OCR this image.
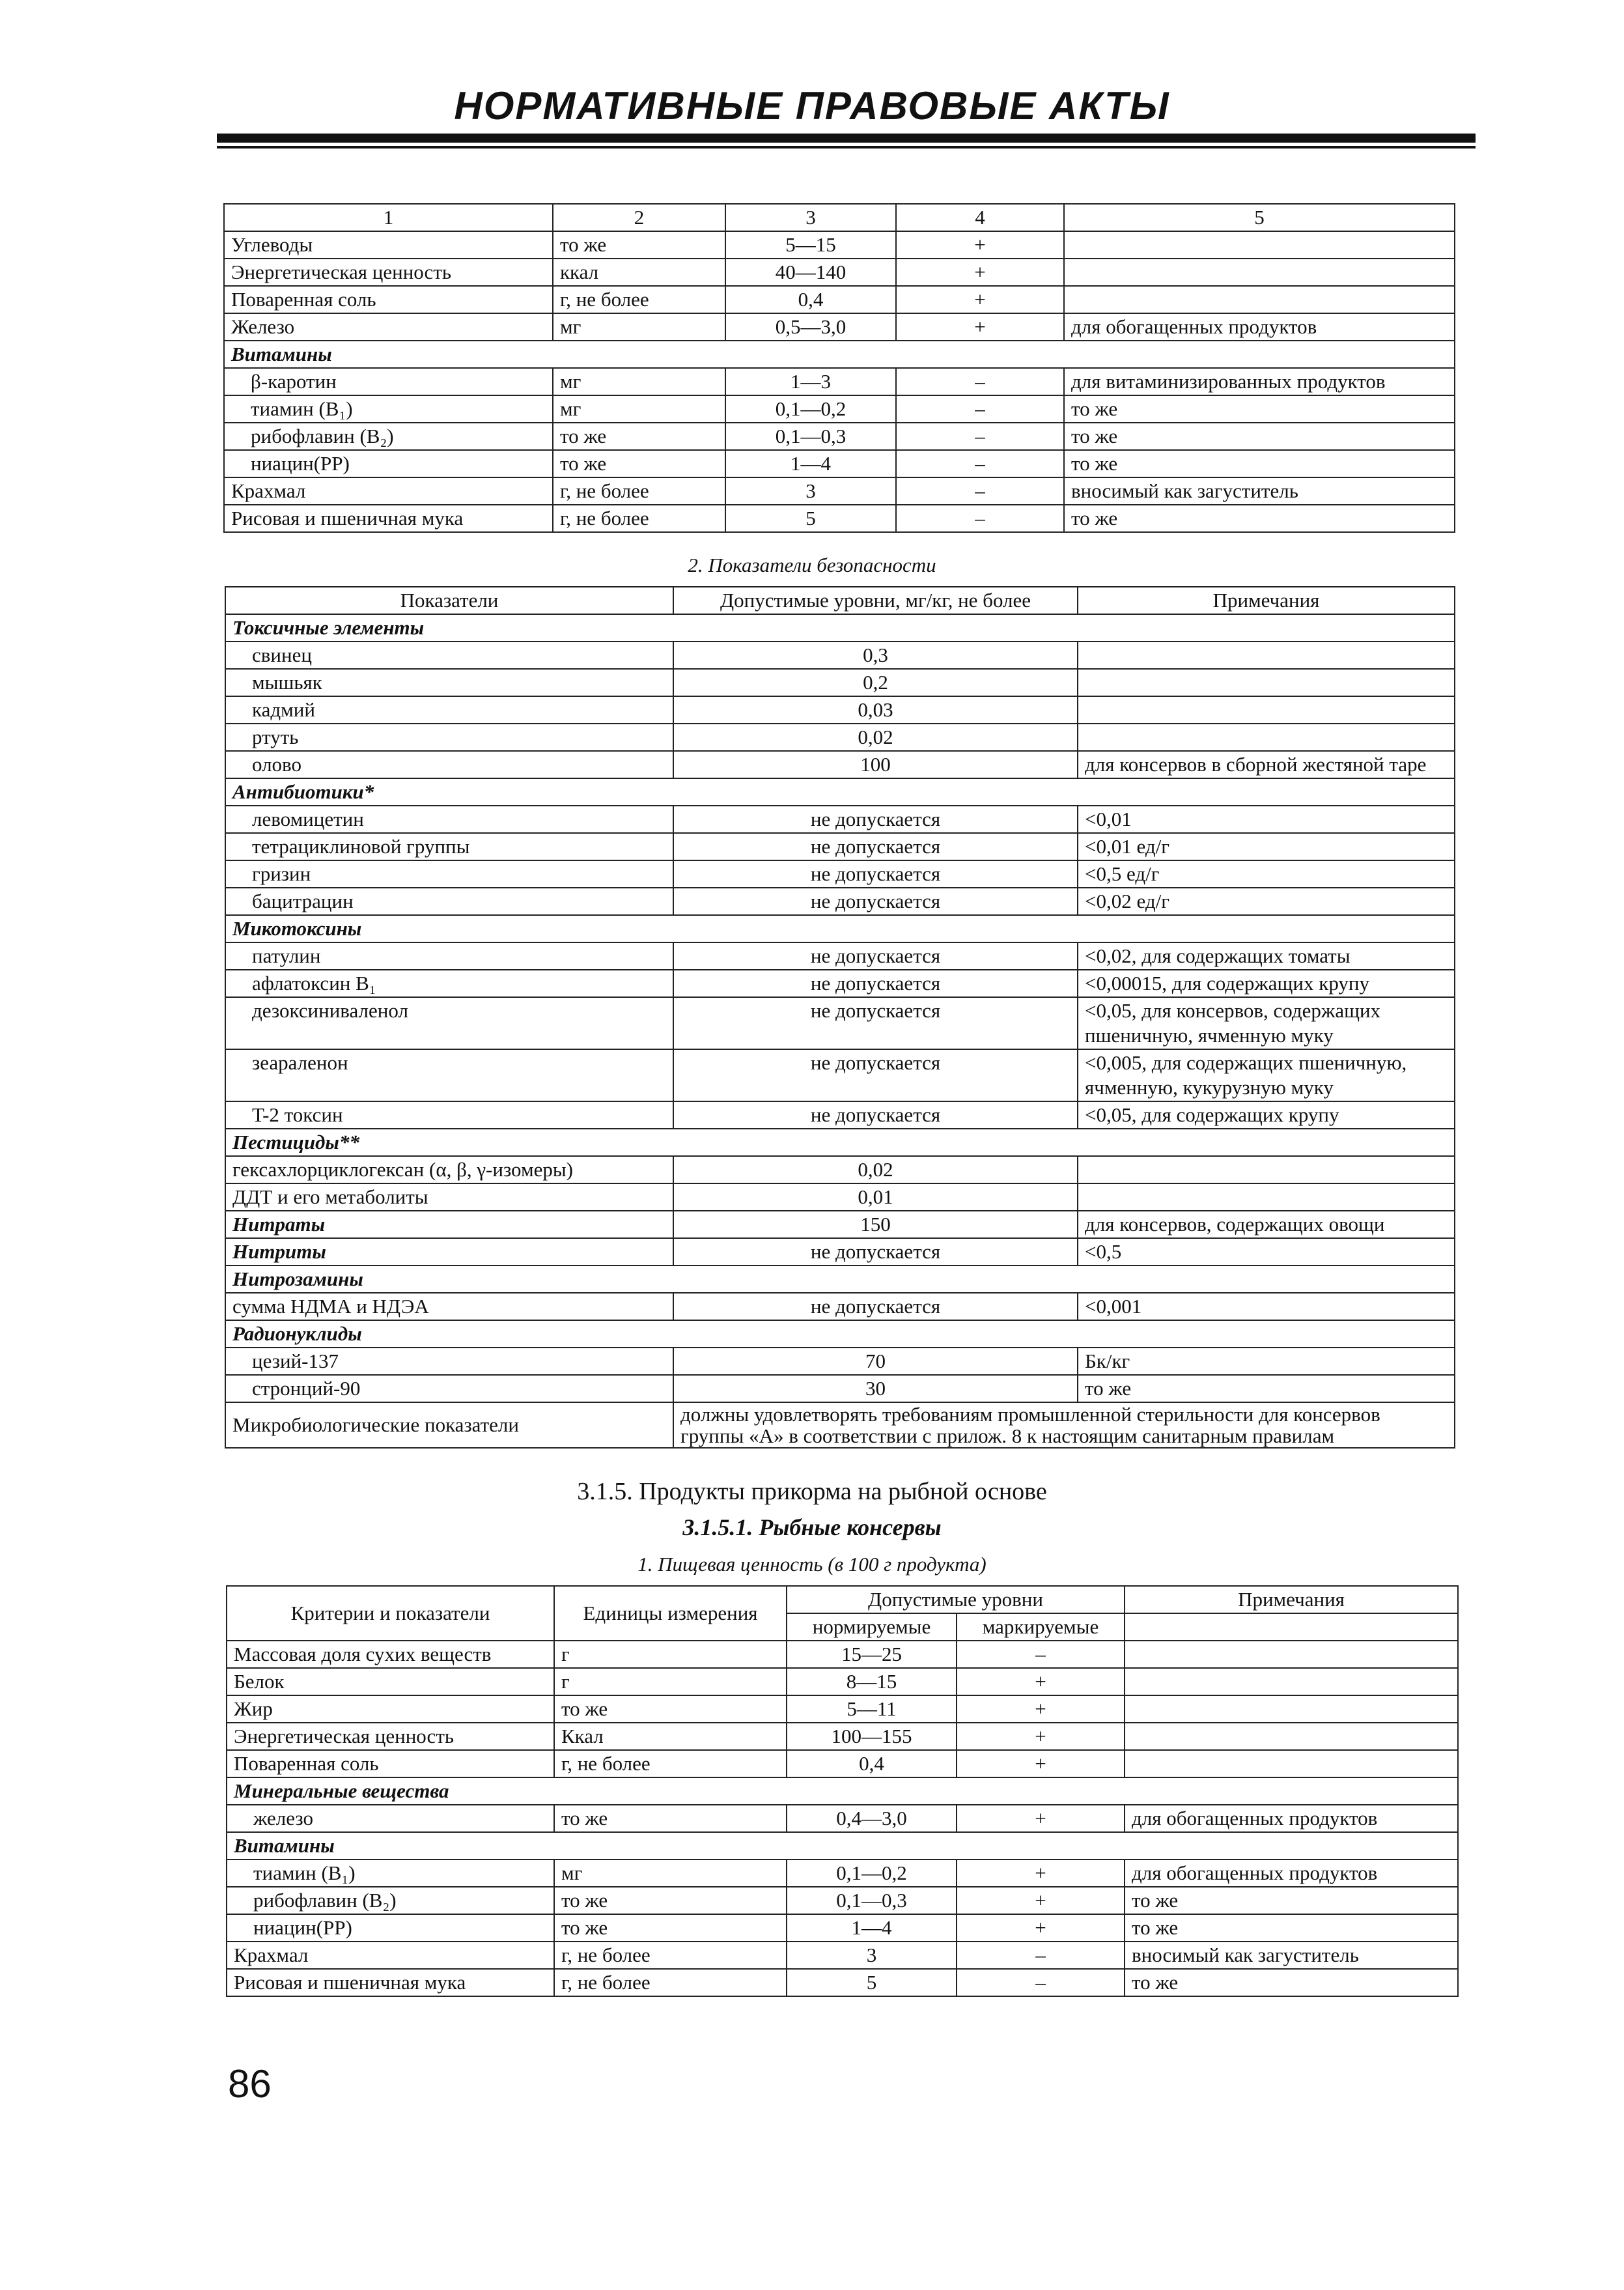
НОРМАТИВНЫЕ ПРАВОВЫЕ АКТЫ
1	2	3	4	5
Углеводы	то же	5—15	+	
Энергетическая ценность	ккал	40—140	+	
Поваренная соль	г, не более	0,4	+	
Железо	мг	0,5—3,0	+	для обогащенных продуктов
Витамины				
β-каротин	мг	1—3	–	для витаминизированных продуктов
тиамин (B₁)	мг	0,1—0,2	–	то же
рибофлавин (B₂)	то же	0,1—0,3	–	то же
ниацин(PP)	то же	1—4	–	то же
Крахмал	г, не более	3	–	вносимый как загуститель
Рисовая и пшеничная мука	г, не более	5	–	то же
2. Показатели безопасности
Показатели	Допустимые уровни, мг/кг, не более	Примечания
Токсичные элементы		
свинец	0,3	
мышьяк	0,2	
кадмий	0,03	
ртуть	0,02	
олово	100	для консервов в сборной жестяной таре
Антибиотики*		
левомицетин	не допускается	<0,01
тетрациклиновой группы	не допускается	<0,01 ед/г
гризин	не допускается	<0,5 ед/г
бацитрацин	не допускается	<0,02 ед/г
Микотоксины		
патулин	не допускается	<0,02, для содержащих томаты
афлатоксин B₁	не допускается	<0,00015, для содержащих крупу
дезоксиниваленол	не допускается	<0,05, для консервов, содержащих пшеничную, ячменную муку
зеараленон	не допускается	<0,005, для содержащих пшеничную, ячменную, кукурузную муку
T-2 токсин	не допускается	<0,05, для содержащих крупу
Пестициды**		
гексахлорциклогексан (α, β, γ-изомеры)	0,02	
ДДТ и его метаболиты	0,01	
Нитраты	150	для консервов, содержащих овощи
Нитриты	не допускается	<0,5
Нитрозамины		
сумма НДМА и НДЭА	не допускается	<0,001
Радионуклиды		
цезий-137	70	Бк/кг
стронций-90	30	то же
Микробиологические показатели	должны удовлетворять требованиям промышленной стерильности для консервов группы «А» в соответствии с прилож. 8 к настоящим санитарным правилам	
3.1.5. Продукты прикорма на рыбной основе
3.1.5.1. Рыбные консервы
1. Пищевая ценность (в 100 г продукта)
Критерии и показатели	Единицы измерения	Допустимые уровни		Примечания
		нормируемые	маркируемые	
Массовая доля сухих веществ	г	15—25	–	
Белок	г	8—15	+	
Жир	то же	5—11	+	
Энергетическая ценность	Ккал	100—155	+	
Поваренная соль	г, не более	0,4	+	
Минеральные вещества				
железо	то же	0,4—3,0	+	для обогащенных продуктов
Витамины				
тиамин (B₁)	мг	0,1—0,2	+	для обогащенных продуктов
рибофлавин (B₂)	то же	0,1—0,3	+	то же
ниацин(PP)	то же	1—4	+	то же
Крахмал	г, не более	3	–	вносимый как загуститель
Рисовая и пшеничная мука	г, не более	5	–	то же
86
